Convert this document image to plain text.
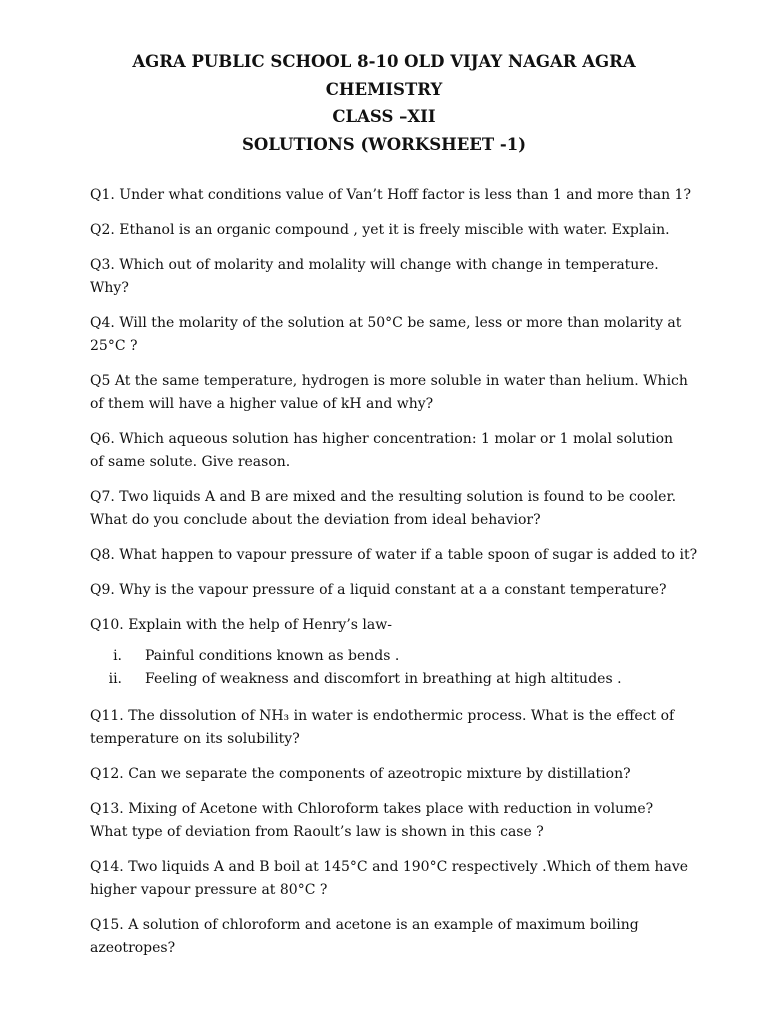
AGRA PUBLIC SCHOOL 8-10 OLD VIJAY NAGAR AGRA
CHEMISTRY
CLASS –XII
SOLUTIONS (WORKSHEET -1)
Q1. Under what conditions value of Van’t Hoff factor is less than 1 and more than 1?
Q2. Ethanol is an organic compound , yet it is freely miscible with water. Explain.
Q3. Which out of molarity and molality will change with change in temperature.
Why?
Q4. Will the molarity of the solution at 50°C be same, less or more than molarity at
25°C ?
Q5 At the same temperature, hydrogen is more soluble in water than helium. Which
of them will have a higher value of kH and why?
Q6. Which aqueous solution has higher concentration: 1 molar or 1 molal solution
of same solute. Give reason.
Q7. Two liquids A and B are mixed and the resulting solution is found to be cooler.
What do you conclude about the deviation from ideal behavior?
Q8. What happen to vapour pressure of water if a table spoon of sugar is added to it?
Q9. Why is the vapour pressure of a liquid constant at a a constant temperature?
Q10. Explain with the help of Henry’s law-
i. Painful conditions known as bends .
ii. Feeling of weakness and discomfort in breathing at high altitudes .
Q11. The dissolution of NH₃ in water is endothermic process. What is the effect of
temperature on its solubility?
Q12. Can we separate the components of azeotropic mixture by distillation?
Q13. Mixing of Acetone with Chloroform takes place with reduction in volume?
What type of deviation from Raoult’s law is shown in this case ?
Q14. Two liquids A and B boil at 145°C and 190°C respectively .Which of them have
higher vapour pressure at 80°C ?
Q15. A solution of chloroform and acetone is an example of maximum boiling
azeotropes?
